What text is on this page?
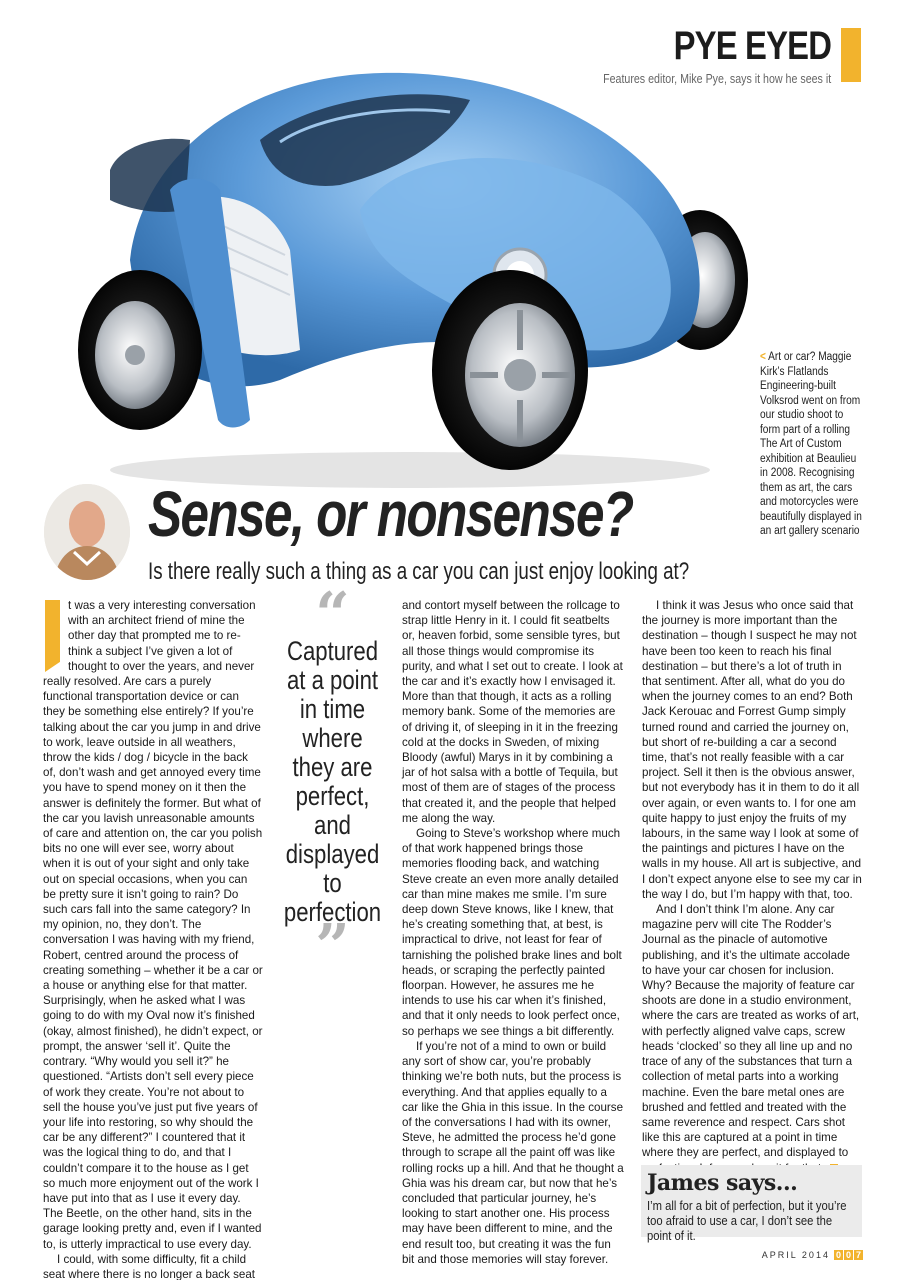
PYE EYED
Features editor, Mike Pye, says it how he sees it
< Art or car? Maggie Kirk’s Flatlands Engineering-built Volksrod went on from our studio shoot to form part of a rolling The Art of Custom exhibition at Beaulieu in 2008. Recognising them as art, the cars and motorcycles were beautifully displayed in an art gallery scenario
Sense, or nonsense?
Is there really such a thing as a car you can just enjoy looking at?

t was a very interesting conversation with an architect friend of mine the other day that prompted me to re-think a subject I’ve given a lot of thought to over the years, and never really resolved. Are cars a purely functional transportation device or can they be something else entirely? If you’re talking about the car you jump in and drive to work, leave outside in all weathers, throw the kids / dog / bicycle in the back of, don’t wash and get annoyed every time you have to spend money on it then the answer is definitely the former. But what of the car you lavish unreasonable amounts of care and attention on, the car you polish bits no one will ever see, worry about when it is out of your sight and only take out on special occasions, when you can be pretty sure it isn’t going to rain? Do such cars fall into the same category? In my opinion, no, they don’t. The conversation I was having with my friend, Robert, centred around the process of creating something – whether it be a car or a house or anything else for that matter. Surprisingly, when he asked what I was going to do with my Oval now it’s finished (okay, almost finished), he didn’t expect, or prompt, the answer ‘sell it’. Quite the contrary. “Why would you sell it?” he questioned. “Artists don’t sell every piece of work they create. You’re not about to sell the house you’ve just put five years of your life into restoring, so why should the car be any different?” I countered that it was the logical thing to do, and that I couldn’t compare it to the house as I get so much more enjoyment out of the work I have put into that as I use it every day. The Beetle, on the other hand, sits in the garage looking pretty and, even if I wanted to, is utterly impractical to use every day.

I could, with some difficulty, fit a child seat where there is no longer a back seat

“
Captured at a point in time where they are perfect, and displayed to perfection
”

and contort myself between the rollcage to strap little Henry in it. I could fit seatbelts or, heaven forbid, some sensible tyres, but all those things would compromise its purity, and what I set out to create. I look at the car and it’s exactly how I envisaged it. More than that though, it acts as a rolling memory bank. Some of the memories are of driving it, of sleeping in it in the freezing cold at the docks in Sweden, of mixing Bloody (awful) Marys in it by combining a jar of hot salsa with a bottle of Tequila, but most of them are of stages of the process that created it, and the people that helped me along the way.

Going to Steve’s workshop where much of that work happened brings those memories flooding back, and watching Steve create an even more anally detailed car than mine makes me smile. I’m sure deep down Steve knows, like I knew, that he’s creating something that, at best, is impractical to drive, not least for fear of tarnishing the polished brake lines and bolt heads, or scraping the perfectly painted floorpan. However, he assures me he intends to use his car when it’s finished, and that it only needs to look perfect once, so perhaps we see things a bit differently.

If you’re not of a mind to own or build any sort of show car, you’re probably thinking we’re both nuts, but the process is everything. And that applies equally to a car like the Ghia in this issue. In the course of the conversations I had with its owner, Steve, he admitted the process he’d gone through to scrape all the paint off was like rolling rocks up a hill. And that he thought a Ghia was his dream car, but now that he’s concluded that particular journey, he’s looking to start another one. His process may have been different to mine, and the end result too, but creating it was the fun bit and those memories will stay forever.

I think it was Jesus who once said that the journey is more important than the destination – though I suspect he may not have been too keen to reach his final destination – but there’s a lot of truth in that sentiment. After all, what do you do when the journey comes to an end? Both Jack Kerouac and Forrest Gump simply turned round and carried the journey on, but short of re-building a car a second time, that’s not really feasible with a car project. Sell it then is the obvious answer, but not everybody has it in them to do it all over again, or even wants to. I for one am quite happy to just enjoy the fruits of my labours, in the same way I look at some of the paintings and pictures I have on the walls in my house. All art is subjective, and I don’t expect anyone else to see my car in the way I do, but I’m happy with that, too.

And I don’t think I’m alone. Any car magazine perv will cite The Rodder’s Journal as the pinacle of automotive publishing, and it’s the ultimate accolade to have your car chosen for inclusion. Why? Because the majority of feature car shoots are done in a studio environment, where the cars are treated as works of art, with perfectly aligned valve caps, screw heads ‘clocked’ so they all line up and no trace of any of the substances that turn a collection of metal parts into a working machine. Even the bare metal ones are brushed and fettled and treated with the same reverence and respect. Cars shot like this are captured at a point in time where they are perfect, and displayed to

James says...
I’m all for a bit of perfection, but it you’re too afraid to use a car, I don’t see the point of it.
APRIL 2014 0 0 7
